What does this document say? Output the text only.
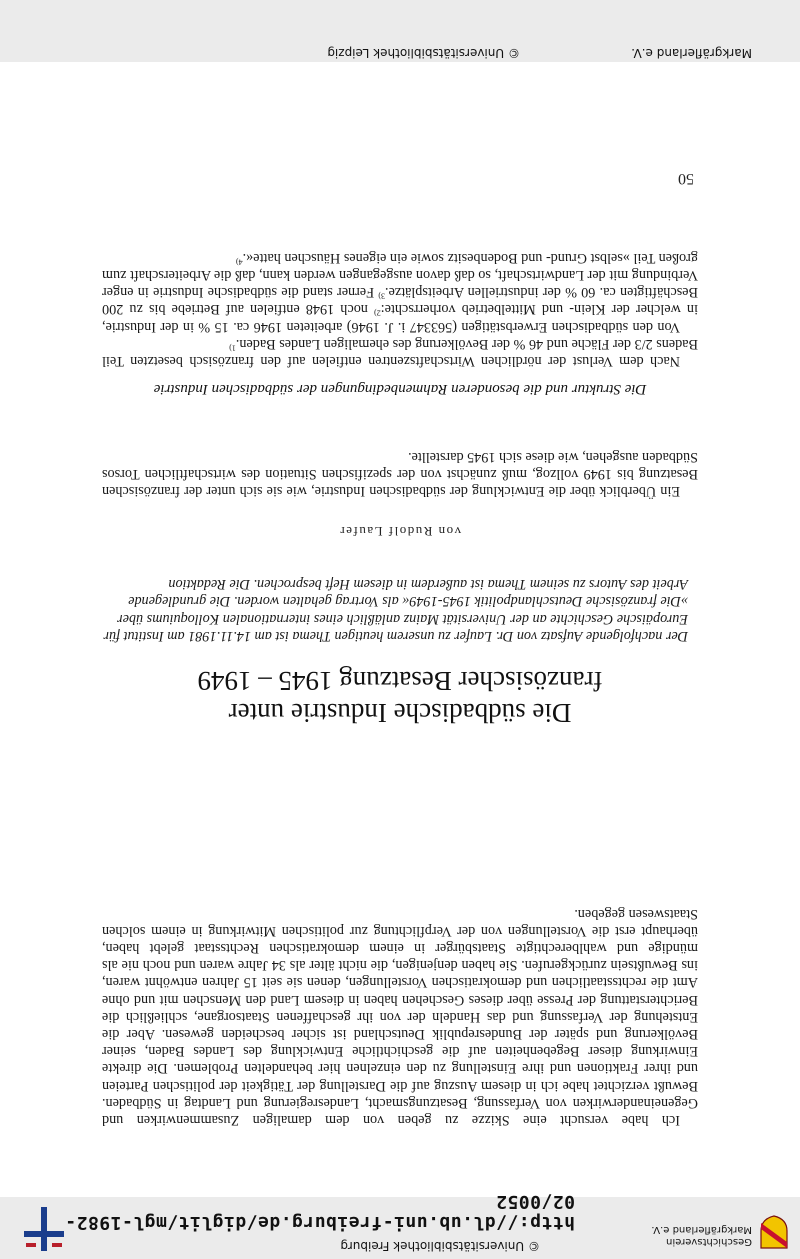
Geschichtsverein
Markgräflerland e.V.
© Universitätsbibliothek Freiburg
http://dl.ub.uni-freiburg.de/diglit/mgl-1982-02/0052
Markgräflerland e.V.
© Universitätsbibliothek Leipzig

Ich habe versucht eine Skizze zu geben von dem damaligen Zusammenwirken und Gegeneinanderwirken von Verfassung, Besatzungsmacht, Landesregierung und Landtag in Südbaden. Bewußt verzichtet habe ich in diesem Auszug auf die Darstellung der Tätigkeit der politischen Parteien und ihrer Fraktionen und ihre Einstellung zu den einzelnen hier behandelten Problemen. Die direkte Einwirkung dieser Begebenheiten auf die geschichtliche Entwicklung des Landes Baden, seiner Bevölkerung und später der Bundesrepublik Deutschland ist sicher bescheiden gewesen. Aber die Entstehung der Verfassung und das Handeln der von ihr geschaffenen Staatsorgane, schließlich die Berichterstattung der Presse über dieses Geschehen haben in diesem Land den Menschen mit und ohne Amt die rechtsstaatlichen und demokratischen Vorstellungen, denen sie seit 15 Jahren entwöhnt waren, ins Bewußtsein zurückgerufen. Sie haben denjenigen, die nicht älter als 34 Jahre waren und noch nie als mündige und wahlberechtigte Staatsbürger in einem demokratischen Rechtsstaat gelebt haben, überhaupt erst die Vorstellungen von der Verpflichtung zur politischen Mitwirkung in einem solchen Staatswesen gegeben.

Die südbadische Industrie unter
französischer Besatzung 1945 – 1949
Der nachfolgende Aufsatz von Dr. Laufer zu unserem heutigen Thema ist am 14.11.1981 am Institut für Europäische Geschichte an der Universität Mainz anläßlich eines internationalen Kolloquiums über »Die französische Deutschlandpolitik 1945-1949« als Vortrag gehalten worden. Die grundlegende Arbeit des Autors zu seinem Thema ist außerdem in diesem Heft besprochen. Die Redaktion
von Rudolf Laufer

Ein Überblick über die Entwicklung der südbadischen Industrie, wie sie sich unter der französischen Besatzung bis 1949 vollzog, muß zunächst von der spezifischen Situation des wirtschaftlichen Torsos Südbaden ausgehen, wie diese sich 1945 darstellte.

Die Struktur und die besonderen Rahmenbedingungen der südbadischen Industrie

Nach dem Verlust der nördlichen Wirtschaftszentren entfielen auf den französisch besetzten Teil Badens 2/3 der Fläche und 46 % der Bevölkerung des ehemaligen Landes Baden.$^{1)}$

Von den südbadischen Erwerbstätigen (563347 i. J. 1946) arbeiteten 1946 ca. 15 % in der Industrie, in welcher der Klein- und Mittelbetrieb vorherrschte:$^{2)}$ noch 1948 entfielen auf Betriebe bis zu 200 Beschäftigten ca. 60 % der industriellen Arbeitsplätze.$^{3)}$ Ferner stand die südbadische Industrie in enger Verbindung mit der Landwirtschaft, so daß davon ausgegangen werden kann, daß die Arbeiterschaft zum großen Teil »selbst Grund- und Bodenbesitz sowie ein eigenes Häuschen hatte«.$^{4)}$

50
